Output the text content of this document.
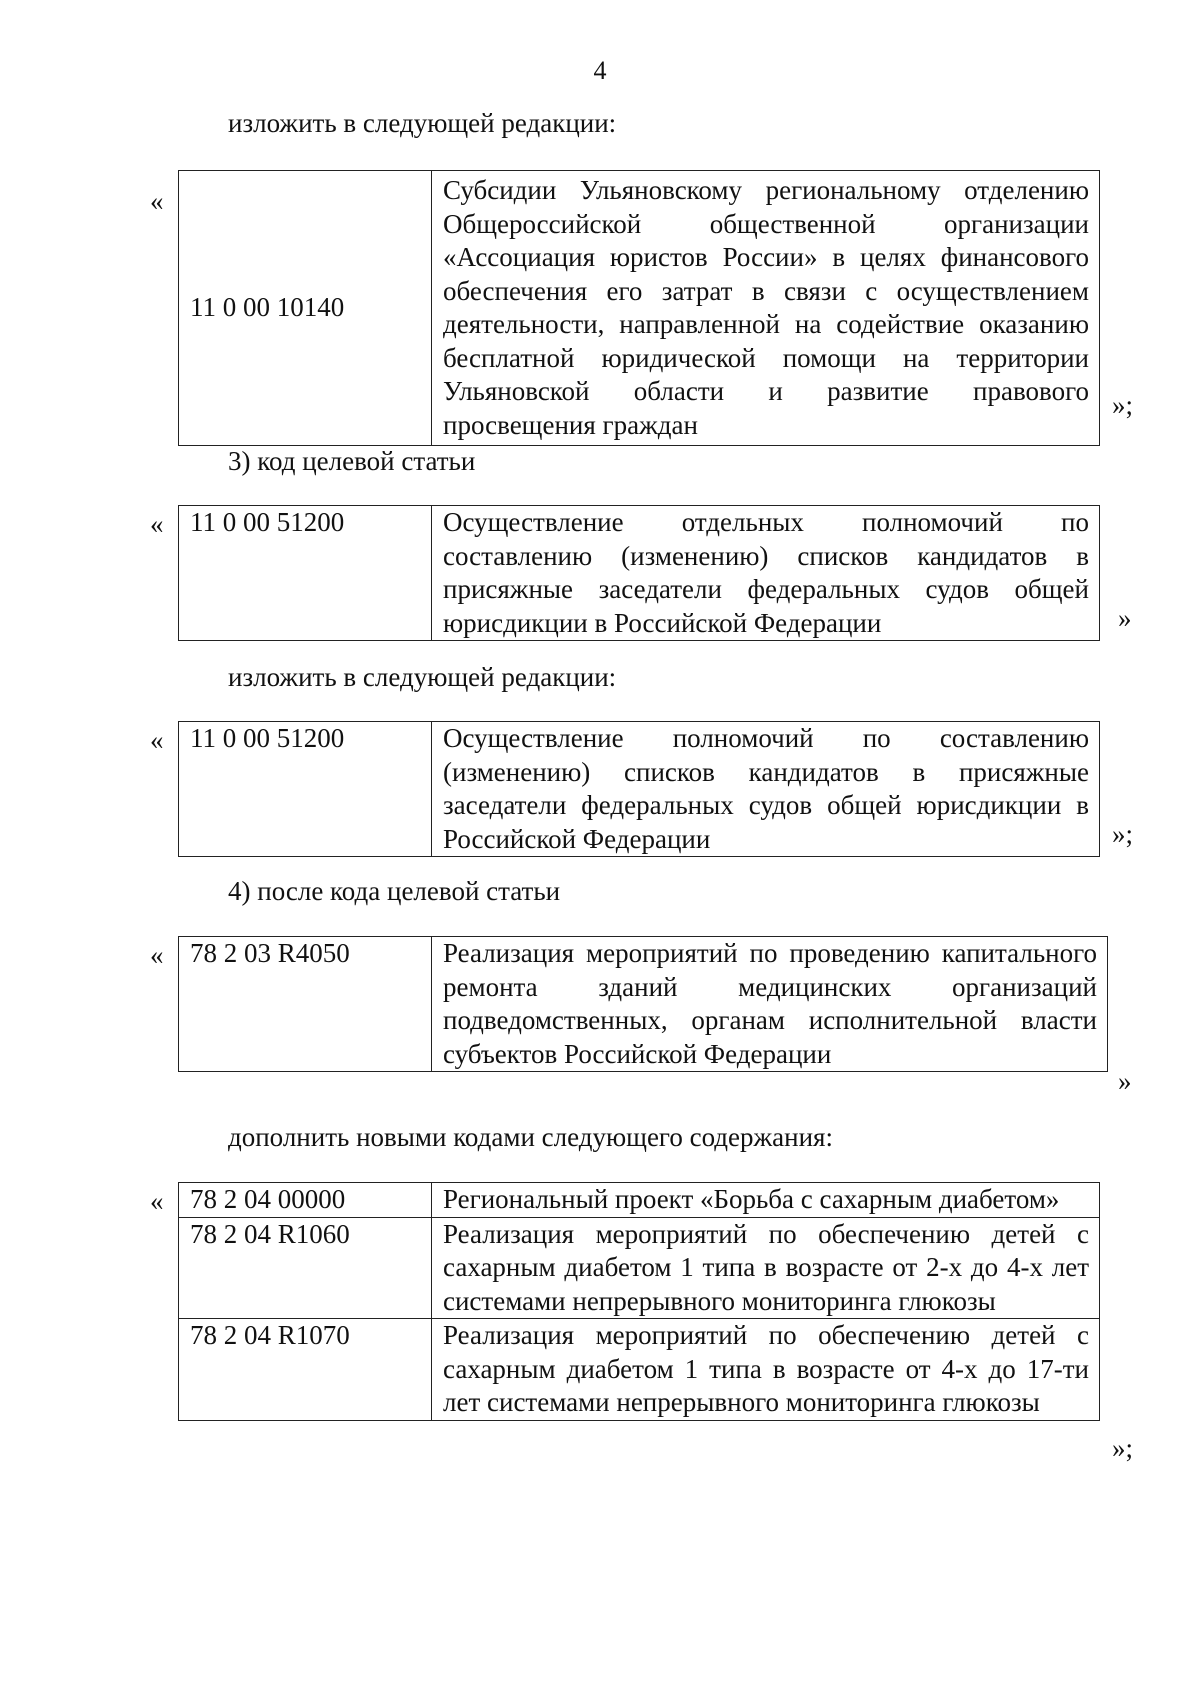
4
изложить в следующей редакции:
«
11 0 00 10140	Субсидии Ульяновскому региональному отделению Общероссийской общественной организации «Ассоциация юристов России» в целях финансового обеспечения его затрат в связи с осуществлением деятельности, направленной на содействие оказанию бесплатной юридической помощи на территории Ульяновской области и развитие правового просвещения граждан
»;
3) код целевой статьи
« 11 0 00 51200	Осуществление отдельных полномочий по составлению (изменению) списков кандидатов в присяжные заседатели федеральных судов общей юрисдикции в Российской Федерации	»
изложить в следующей редакции:
« 11 0 00 51200	Осуществление полномочий по составлению (изменению) списков кандидатов в присяжные заседатели федеральных судов общей юрисдикции в Российской Федерации	»;
4) после кода целевой статьи
« 78 2 03 R4050	Реализация мероприятий по проведению капитального ремонта зданий медицинских организаций подведомственных, органам исполнительной власти субъектов Российской Федерации
»
дополнить новыми кодами следующего содержания:
« 78 2 04 00000	Региональный проект «Борьба с сахарным диабетом»
78 2 04 R1060	Реализация мероприятий по обеспечению детей с сахарным диабетом 1 типа в возрасте от 2-х до 4-х лет системами непрерывного мониторинга глюкозы
78 2 04 R1070	Реализация мероприятий по обеспечению детей с сахарным диабетом 1 типа в возрасте от 4-х до 17-ти лет системами непрерывного мониторинга глюкозы
»;
